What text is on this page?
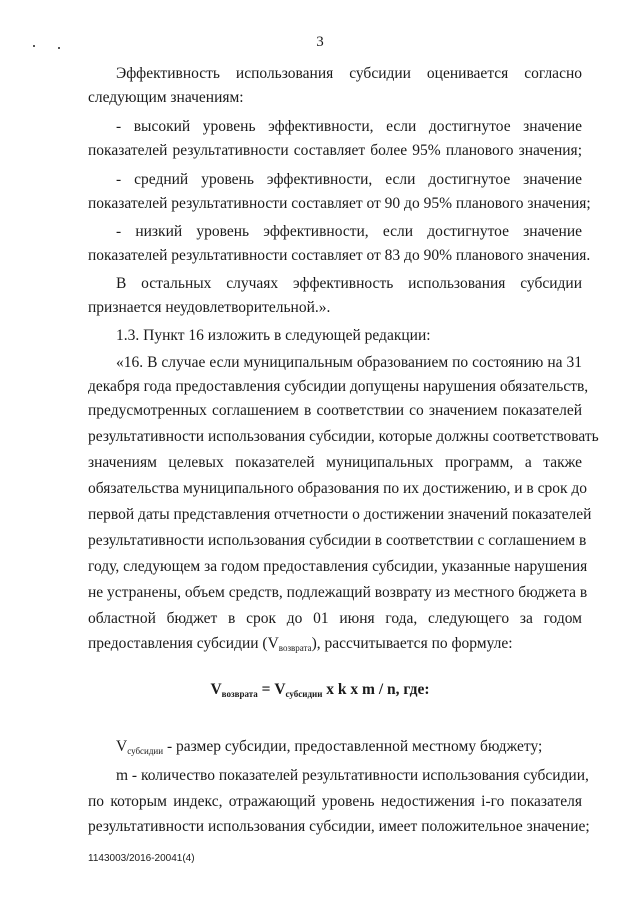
3
Эффективность использования субсидии оценивается согласно
следующим значениям:
- высокий уровень эффективности, если достигнутое значение
показателей результативности составляет более 95% планового значения;
- средний уровень эффективности, если достигнутое значение
показателей результативности составляет от 90 до 95% планового значения;
- низкий уровень эффективности, если достигнутое значение
показателей результативности составляет от 83 до 90% планового значения.
В остальных случаях эффективность использования субсидии
признается неудовлетворительной.».
1.3. Пункт 16 изложить в следующей редакции:
«16. В случае если муниципальным образованием по состоянию на 31
декабря года предоставления субсидии допущены нарушения обязательств,
предусмотренных соглашением в соответствии со значением показателей
результативности использования субсидии, которые должны соответствовать
значениям целевых показателей муниципальных программ, а также
обязательства муниципального образования по их достижению, и в срок до
первой даты представления отчетности о достижении значений показателей
результативности использования субсидии в соответствии с соглашением в
году, следующем за годом предоставления субсидии, указанные нарушения
не устранены, объем средств, подлежащий возврату из местного бюджета в
областной бюджет в срок до 01 июня года, следующего за годом
предоставления субсидии $(V_{возврата})$, рассчитывается по формуле:
$V_{возврата} = V_{субсидии}$ x k x m / n, где:
$V_{субсидии}$ - размер субсидии, предоставленной местному бюджету;
m - количество показателей результативности использования субсидии,
по которым индекс, отражающий уровень недостижения i-го показателя
результативности использования субсидии, имеет положительное значение;
1143003/2016-20041(4)
